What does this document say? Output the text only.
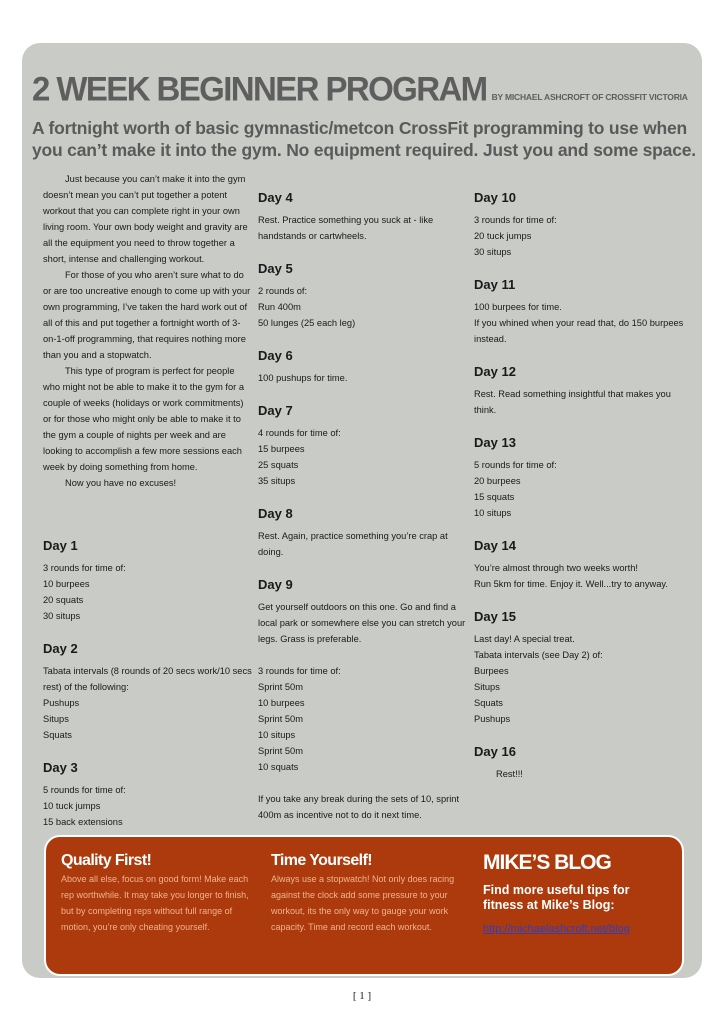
2 WEEK BEGINNER PROGRAM BY MICHAEL ASHCROFT OF CROSSFIT VICTORIA
A fortnight worth of basic gymnastic/metcon CrossFit programming to use when you can’t make it into the gym. No equipment required. Just you and some space.

Just because you can’t make it into the gym doesn’t mean you can’t put together a potent workout that you can complete right in your own living room. Your own body weight and gravity are all the equipment you need to throw together a short, intense and challenging workout.

For those of you who aren’t sure what to do or are too uncreative enough to come up with your own programming, I’ve taken the hard work out of all of this and put together a fortnight worth of 3-on-1-off programming, that requires nothing more than you and a stopwatch.

This type of program is perfect for people who might not be able to make it to the gym for a couple of weeks (holidays or work commitments) or for those who might only be able to make it to the gym a couple of nights per week and are looking to accomplish a few more sessions each week by doing something from home.

Now you have no excuses!

Day 1

3 rounds for time of:

10 burpees

20 squats

30 situps

Day 2

Tabata intervals (8 rounds of 20 secs work/10 secs rest) of the following:

Pushups

Situps

Squats

Day 3

5 rounds for time of:

10 tuck jumps

15 back extensions

Day 4

Rest. Practice something you suck at - like handstands or cartwheels.

Day 5

2 rounds of:

Run 400m

50 lunges (25 each leg)

Day 6

100 pushups for time.

Day 7

4 rounds for time of:

15 burpees

25 squats

35 situps

Day 8

Rest. Again, practice something you’re crap at doing.

Day 9

Get yourself outdoors on this one. Go and find a local park or somewhere else you can stretch your legs. Grass is preferable.

3 rounds for time of:

Sprint 50m

10 burpees

Sprint 50m

10 situps

Sprint 50m

10 squats

If you take any break during the sets of 10, sprint 400m as incentive not to do it next time.

Day 10

3 rounds for time of:

20 tuck jumps

30 situps

Day 11

100 burpees for time.

If you whined when your read that, do 150 burpees instead.

Day 12

Rest. Read something insightful that makes you think.

Day 13

5 rounds for time of:

20 burpees

15 squats

10 situps

Day 14

You’re almost through two weeks worth!

Run 5km for time. Enjoy it. Well...try to anyway.

Day 15

Last day! A special treat.

Tabata intervals (see Day 2) of:

Burpees

Situps

Squats

Pushups

Day 16

Rest!!!

Quality First!

Above all else, focus on good form! Make each rep worthwhile. It may take you longer to finish, but by completing reps without full range of motion, you’re only cheating yourself.

Time Yourself!

Always use a stopwatch! Not only does racing against the clock add some pressure to your workout, its the only way to gauge your work capacity. Time and record each workout.

MIKE’S BLOG

Find more useful tips for fitness at Mike’s Blog:

http://michaelashcroft.net/blog
[ 1 ]
